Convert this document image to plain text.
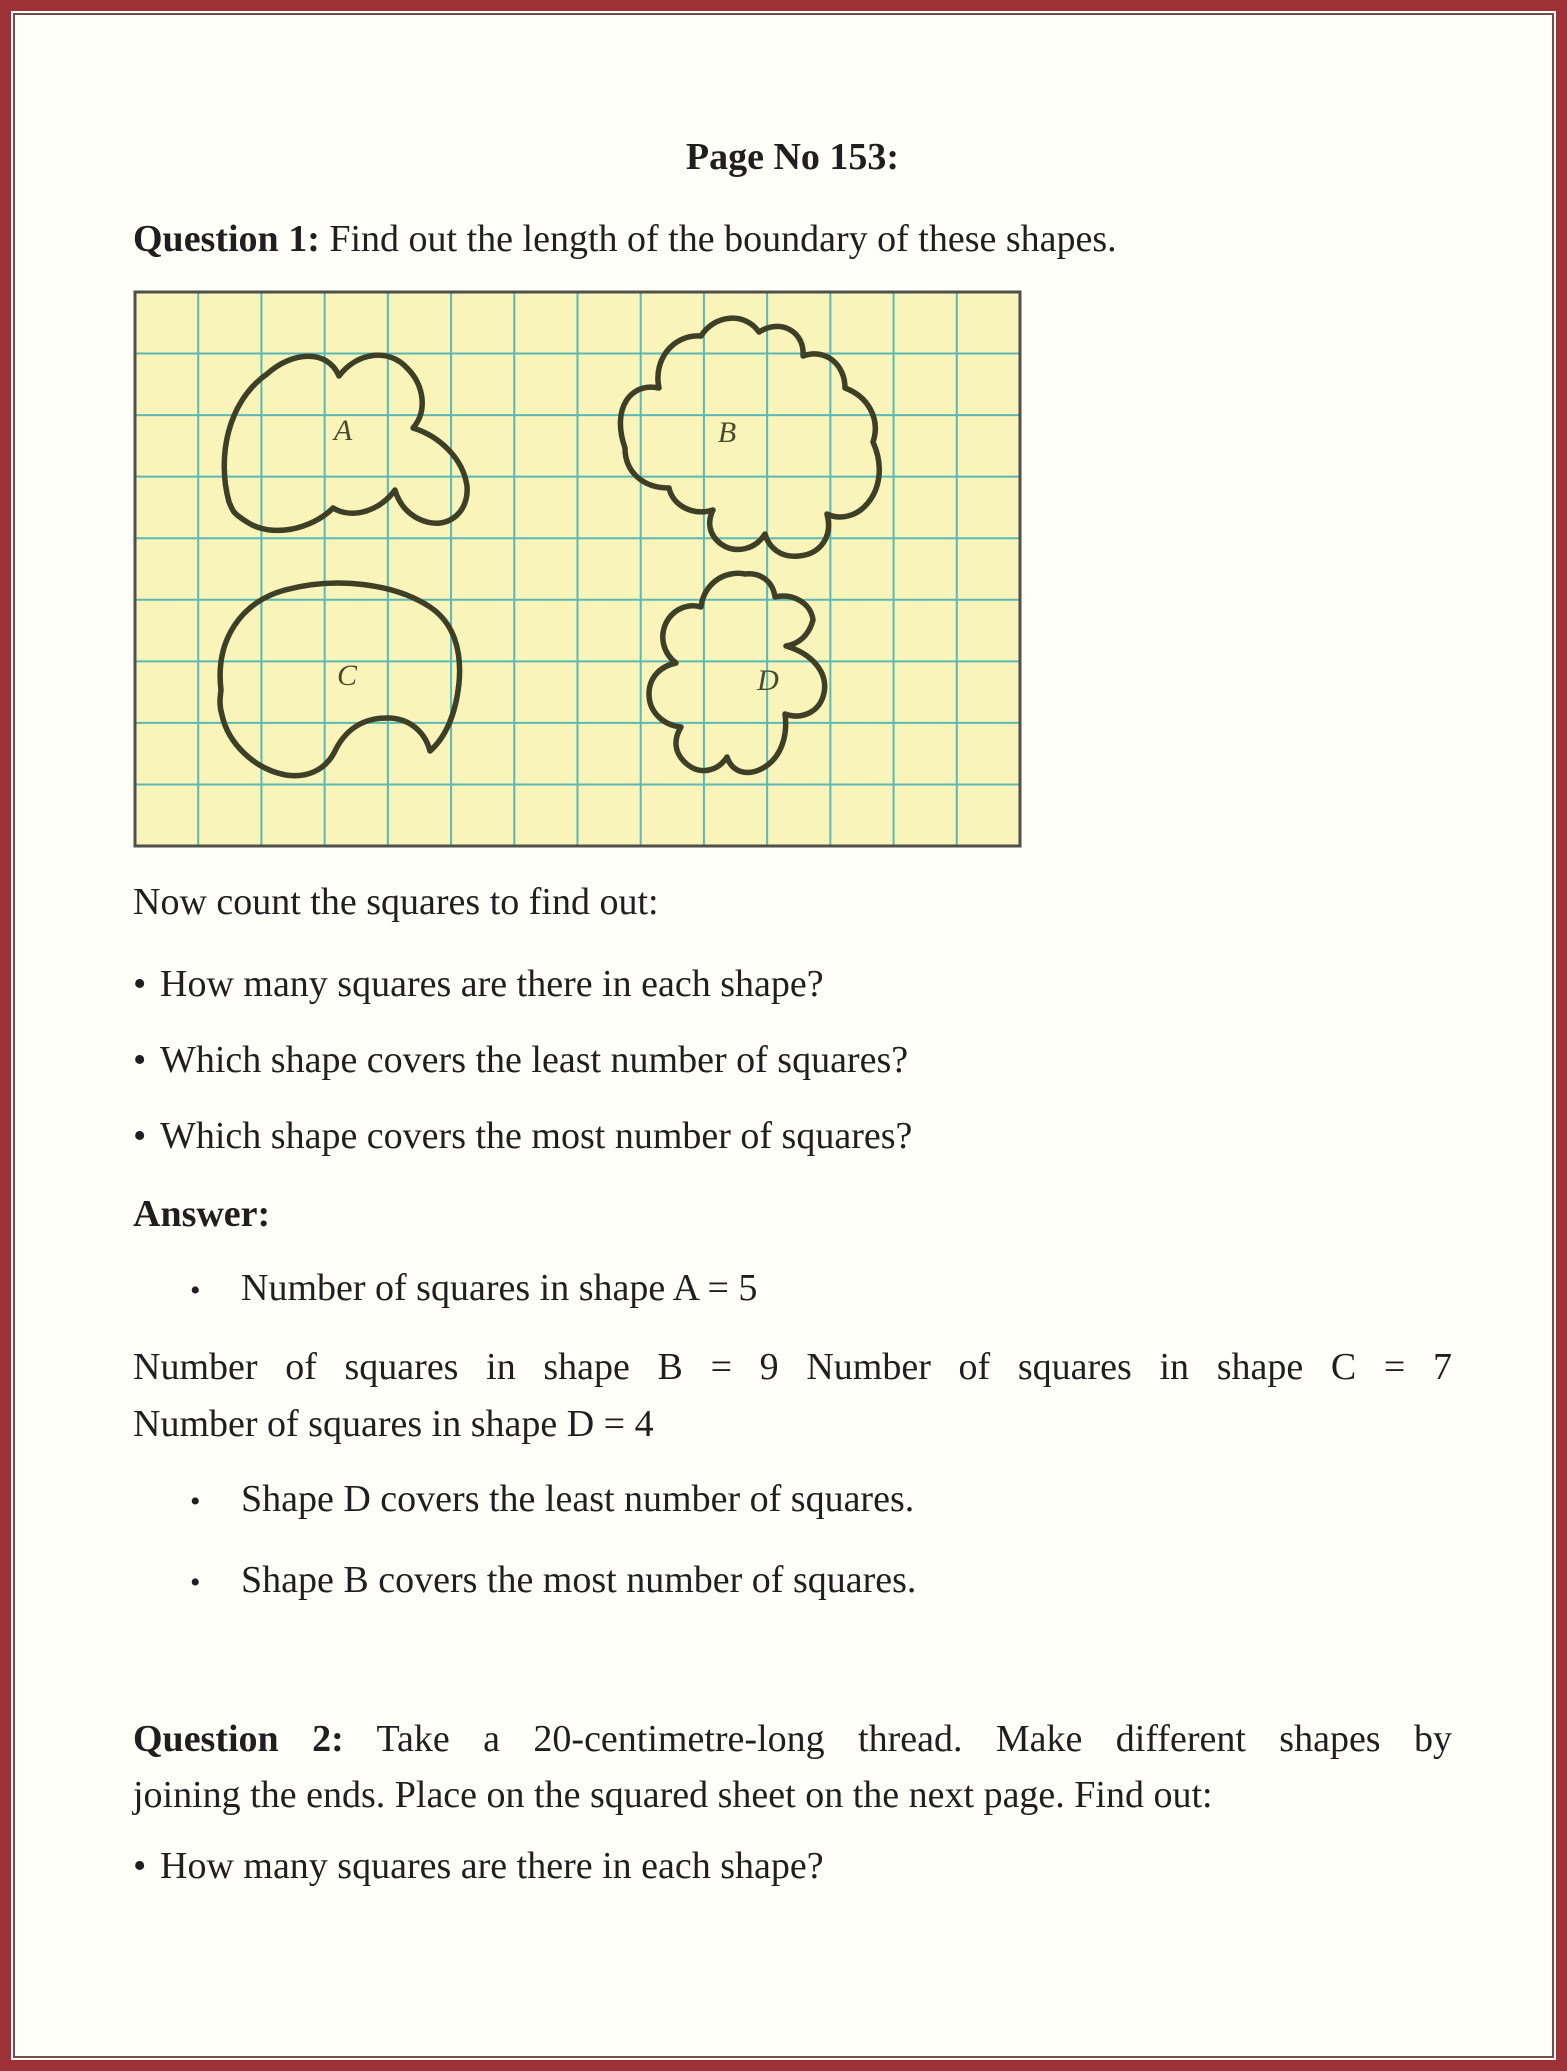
Page No 153:

Question 1: Find out the length of the boundary of these shapes.

A	B
C	D

Now count the squares to find out:

• How many squares are there in each shape?
• Which shape covers the least number of squares?
• Which shape covers the most number of squares?
Answer:
• Number of squares in shape A = 5
Number of squares in shape B = 9 Number of squares in shape C = 7
Number of squares in shape D = 4
• Shape D covers the least number of squares.
• Shape B covers the most number of squares.
Question 2: Take a 20-centimetre-long thread. Make different shapes by
joining the ends. Place on the squared sheet on the next page. Find out:
• How many squares are there in each shape?
